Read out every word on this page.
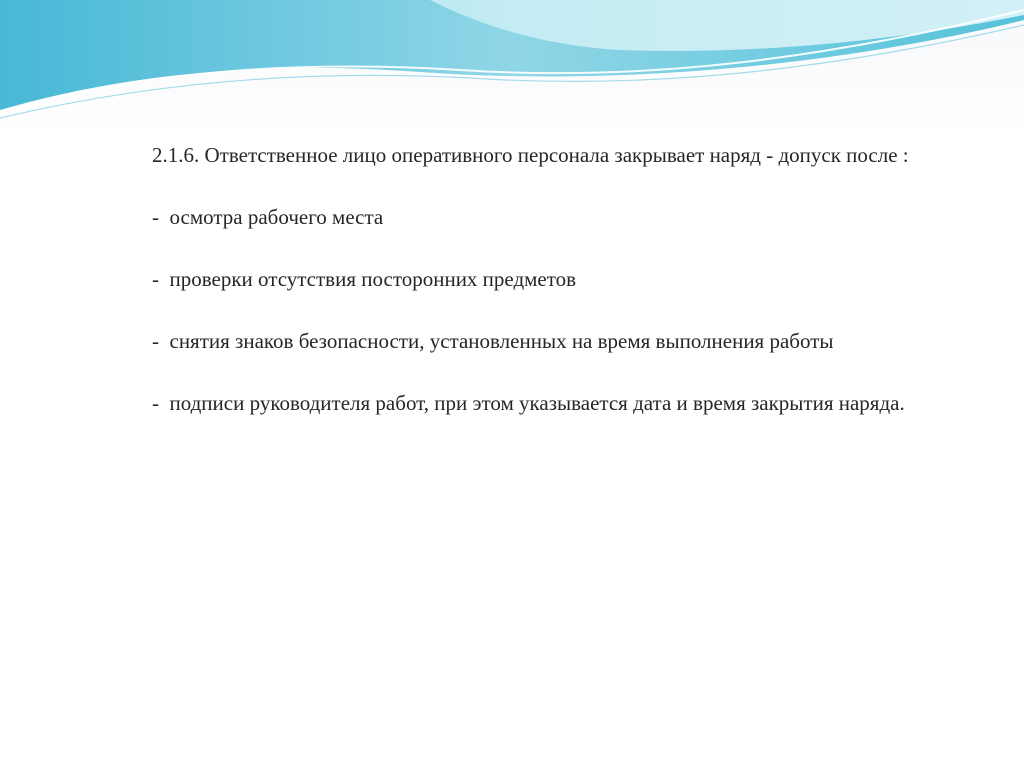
2.1.6. Ответственное лицо оперативного персонала закрывает наряд - допуск после :

-  осмотра рабочего места

-  проверки отсутствия посторонних предметов

-  снятия знаков безопасности, установленных на время выполнения работы

-  подписи руководителя работ, при этом указывается дата и время закрытия наряда.
